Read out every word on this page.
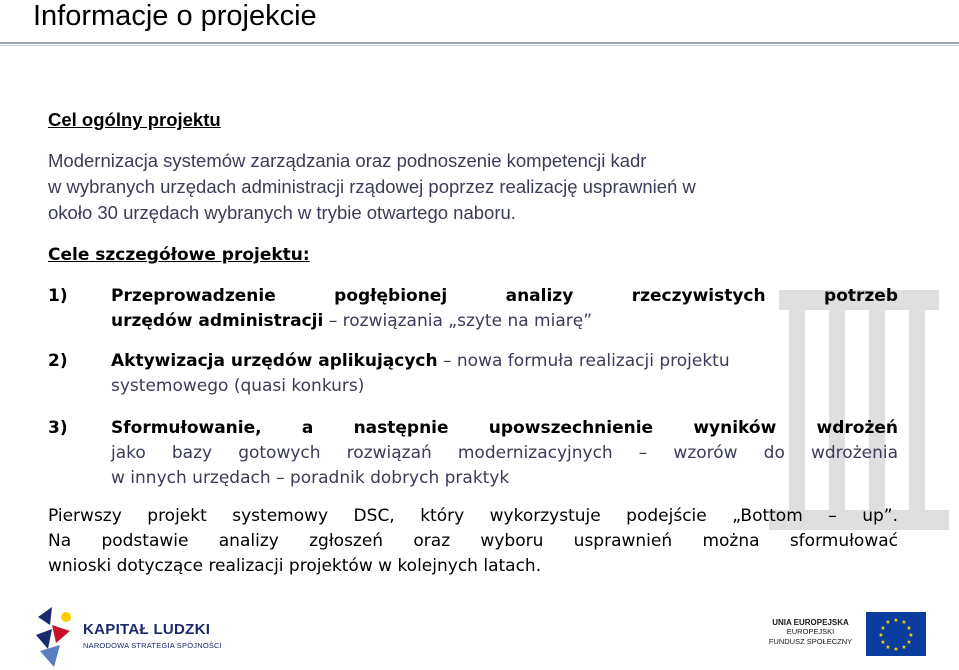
Informacje o projekcie
Cel ogólny projektu
Modernizacja systemów zarządzania oraz podnoszenie kompetencji kadr
w wybranych urzędach administracji rządowej poprzez realizację usprawnień w
około 30 urzędach wybranych w trybie otwartego naboru.
Cele szczegółowe projektu:
1)	Przeprowadzenie pogłębionej analizy rzeczywistych potrzeb
urzędów administracji – rozwiązania „szyte na miarę”
2)	Aktywizacja urzędów aplikujących – nowa formuła realizacji projektu
systemowego (quasi konkurs)
3)	Sformułowanie, a następnie upowszechnienie wyników wdrożeń
jako bazy gotowych rozwiązań modernizacyjnych – wzorów do wdrożenia
w innych urzędach – poradnik dobrych praktyk
Pierwszy projekt systemowy DSC, który wykorzystuje podejście „Bottom – up”.
Na podstawie analizy zgłoszeń oraz wyboru usprawnień można sformułować
wnioski dotyczące realizacji projektów w kolejnych latach.
KAPITAŁ LUDZKI
NARODOWA STRATEGIA SPÓJNOŚCI
UNIA EUROPEJSKA
EUROPEJSKI
FUNDUSZ SPOŁECZNY
★ ★
★
★
★
★
★
★
★
★
★
★
